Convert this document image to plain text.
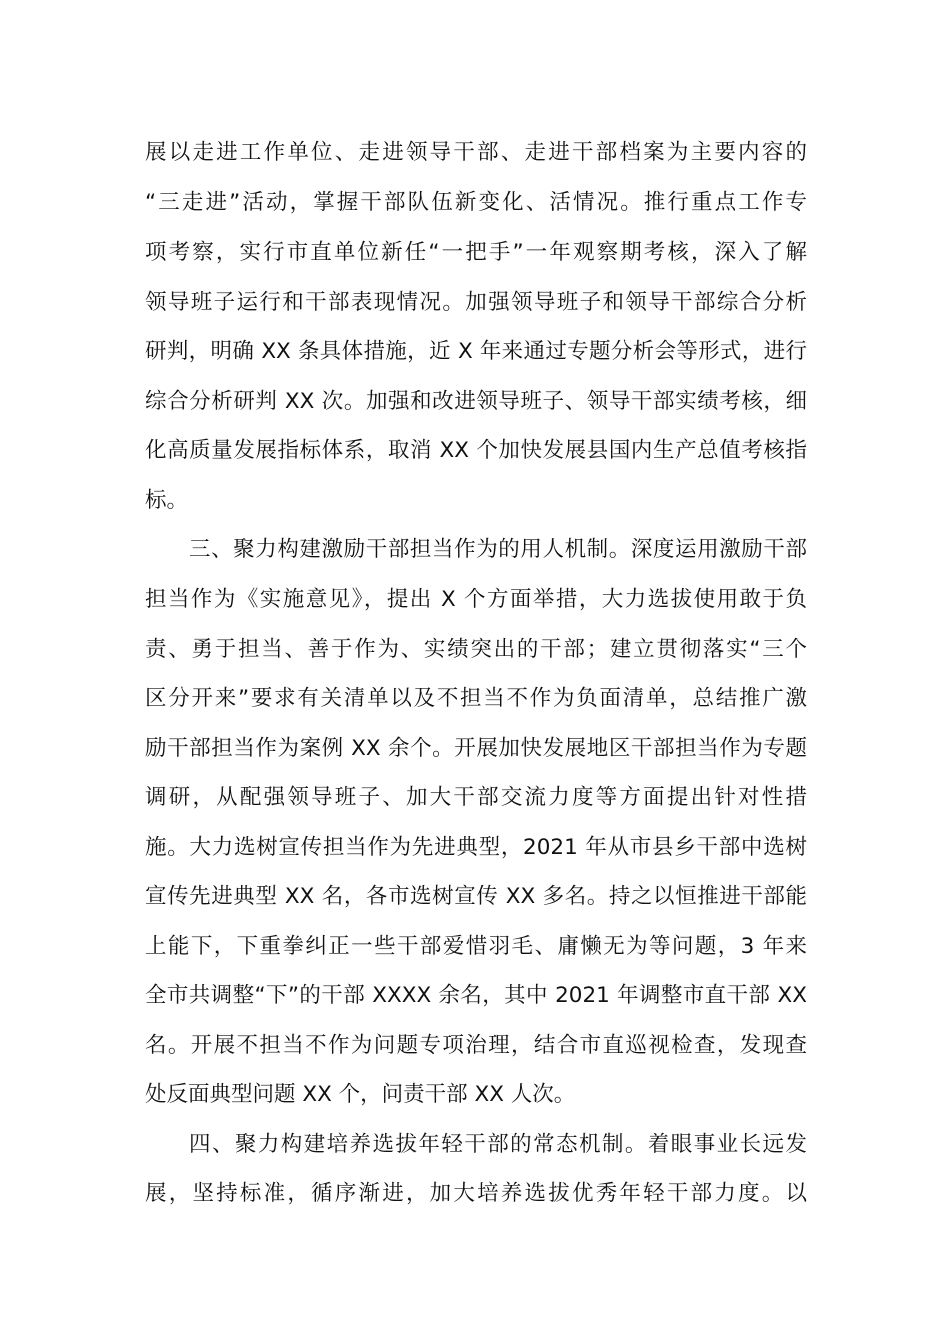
展以走进工作单位、走进领导干部、走进干部档案为主要内容的
“三走进”活动，掌握干部队伍新变化、活情况。推行重点工作专
项考察，实行市直单位新任“一把手”一年观察期考核，深入了解
领导班子运行和干部表现情况。加强领导班子和领导干部综合分析
研判，明确 XX 条具体措施，近 X 年来通过专题分析会等形式，进行
综合分析研判 XX 次。加强和改进领导班子、领导干部实绩考核，细
化高质量发展指标体系，取消 XX 个加快发展县国内生产总值考核指
标。
三、聚力构建激励干部担当作为的用人机制。深度运用激励干部
担当作为《实施意见》，提出 X 个方面举措，大力选拔使用敢于负
责、勇于担当、善于作为、实绩突出的干部；建立贯彻落实“三个
区分开来”要求有关清单以及不担当不作为负面清单，总结推广激
励干部担当作为案例 XX 余个。开展加快发展地区干部担当作为专题
调研，从配强领导班子、加大干部交流力度等方面提出针对性措
施。大力选树宣传担当作为先进典型，2021 年从市县乡干部中选树
宣传先进典型 XX 名，各市选树宣传 XX 多名。持之以恒推进干部能
上能下，下重拳纠正一些干部爱惜羽毛、庸懒无为等问题，3 年来
全市共调整“下”的干部 XXXX 余名，其中 2021 年调整市直干部 XX
名。开展不担当不作为问题专项治理，结合市直巡视检查，发现查
处反面典型问题 XX 个，问责干部 XX 人次。
四、聚力构建培养选拔年轻干部的常态机制。着眼事业长远发
展，坚持标准，循序渐进，加大培养选拔优秀年轻干部力度。以
